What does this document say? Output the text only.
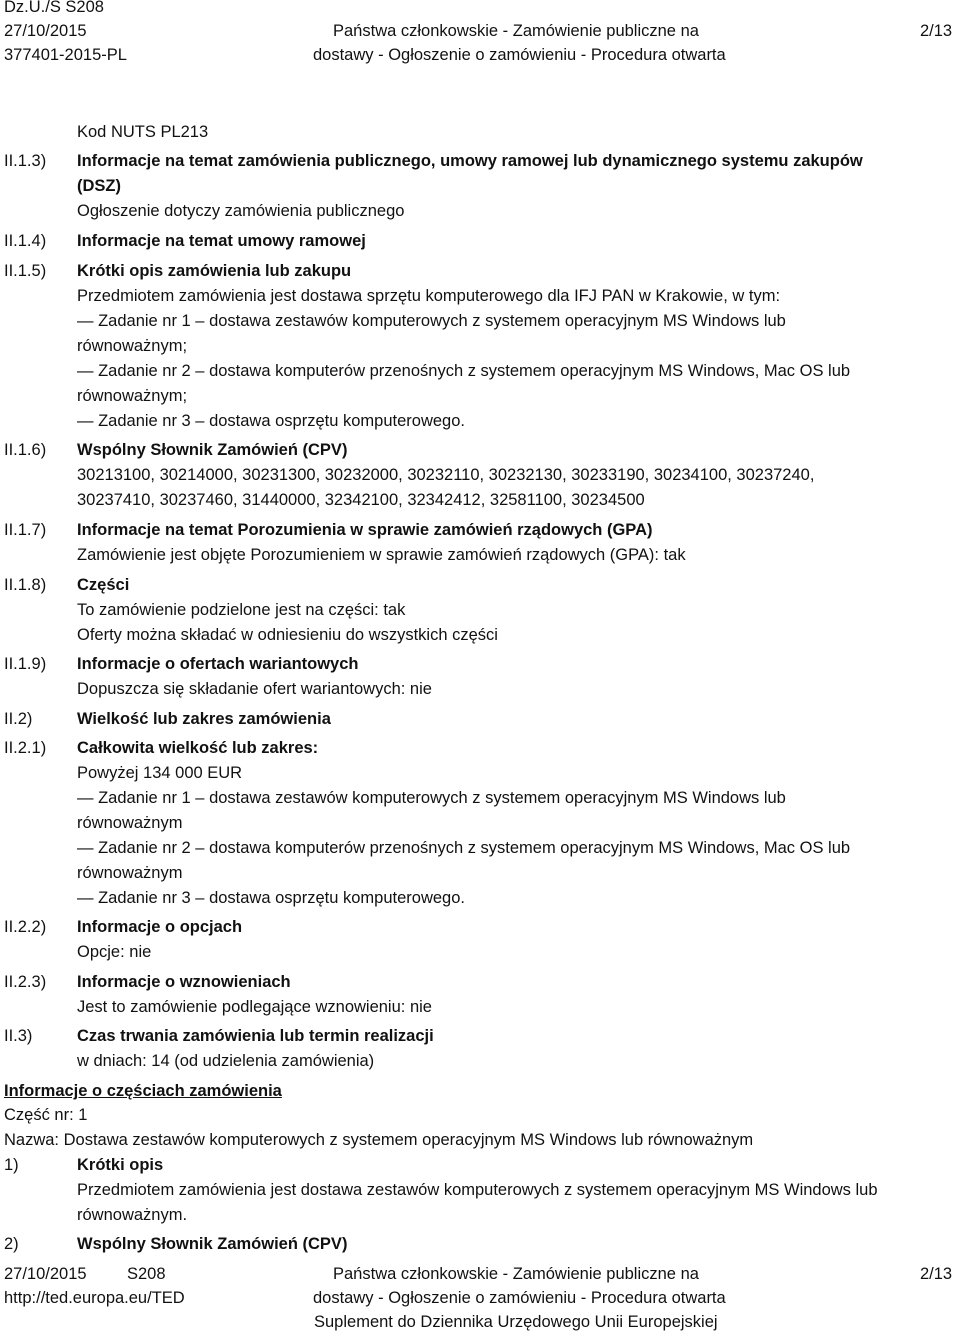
Dz.U./S S208
27/10/2015
377401-2015-PL
Państwa członkowskie - Zamówienie publiczne na
dostawy - Ogłoszenie o zamówieniu - Procedura otwarta
2/13
Kod NUTS PL213
II.1.3) Informacje na temat zamówienia publicznego, umowy ramowej lub dynamicznego systemu zakupów
(DSZ)
Ogłoszenie dotyczy zamówienia publicznego
II.1.4) Informacje na temat umowy ramowej
II.1.5) Krótki opis zamówienia lub zakupu
Przedmiotem zamówienia jest dostawa sprzętu komputerowego dla IFJ PAN w Krakowie, w tym:
— Zadanie nr 1 – dostawa zestawów komputerowych z systemem operacyjnym MS Windows lub
równoważnym;
— Zadanie nr 2 – dostawa komputerów przenośnych z systemem operacyjnym MS Windows, Mac OS lub
równoważnym;
— Zadanie nr 3 – dostawa osprzętu komputerowego.
II.1.6) Wspólny Słownik Zamówień (CPV)
30213100, 30214000, 30231300, 30232000, 30232110, 30232130, 30233190, 30234100, 30237240,
30237410, 30237460, 31440000, 32342100, 32342412, 32581100, 30234500
II.1.7) Informacje na temat Porozumienia w sprawie zamówień rządowych (GPA)
Zamówienie jest objęte Porozumieniem w sprawie zamówień rządowych (GPA): tak
II.1.8) Części
To zamówienie podzielone jest na części: tak
Oferty można składać w odniesieniu do wszystkich części
II.1.9) Informacje o ofertach wariantowych
Dopuszcza się składanie ofert wariantowych: nie
II.2)	Wielkość lub zakres zamówienia
II.2.1) Całkowita wielkość lub zakres:
Powyżej 134 000 EUR
— Zadanie nr 1 – dostawa zestawów komputerowych z systemem operacyjnym MS Windows lub
równoważnym
— Zadanie nr 2 – dostawa komputerów przenośnych z systemem operacyjnym MS Windows, Mac OS lub
równoważnym
— Zadanie nr 3 – dostawa osprzętu komputerowego.
II.2.2) Informacje o opcjach
Opcje: nie
II.2.3) Informacje o wznowieniach
Jest to zamówienie podlegające wznowieniu: nie
II.3)	Czas trwania zamówienia lub termin realizacji
w dniach: 14 (od udzielenia zamówienia)
Informacje o częściach zamówienia
Część nr: 1
Nazwa: Dostawa zestawów komputerowych z systemem operacyjnym MS Windows lub równoważnym
1)	Krótki opis
Przedmiotem zamówienia jest dostawa zestawów komputerowych z systemem operacyjnym MS Windows lub
równoważnym.
2)	Wspólny Słownik Zamówień (CPV)
27/10/2015 S208
http://ted.europa.eu/TED
Państwa członkowskie - Zamówienie publiczne na
dostawy - Ogłoszenie o zamówieniu - Procedura otwarta
Suplement do Dziennika Urzędowego Unii Europejskiej
2/13
